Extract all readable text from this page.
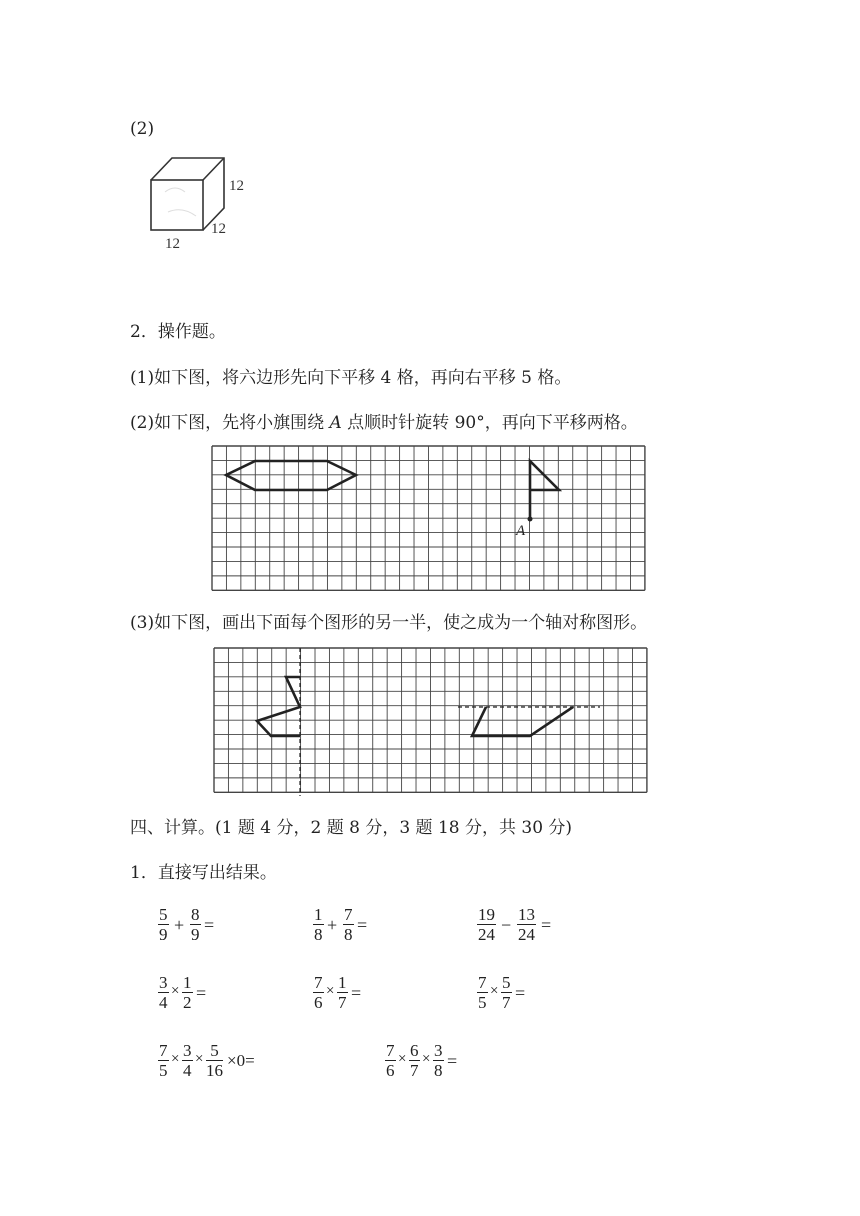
(2)
12
12
12
2．操作题。
(1)如下图，将六边形先向下平移 4 格，再向右平移 5 格。
(2)如下图，先将小旗围绕 A 点顺时针旋转 90°，再向下平移两格。
A
(3)如下图，画出下面每个图形的另一半，使之成为一个轴对称图形。
四、计算。(1 题 4 分，2 题 8 分，3 题 18 分，共 30 分)
1．直接写出结果。
5
9 +
8
9 =
1
8 +
7
8 =
19
24 −
13
24 =
3
4
× 1
2 =
7
6
× 1
7 =
7
5
× 5
7 =
7
5
× 3
4
× 5
16
×0=
7
6
× 6
7
× 3
8 =
